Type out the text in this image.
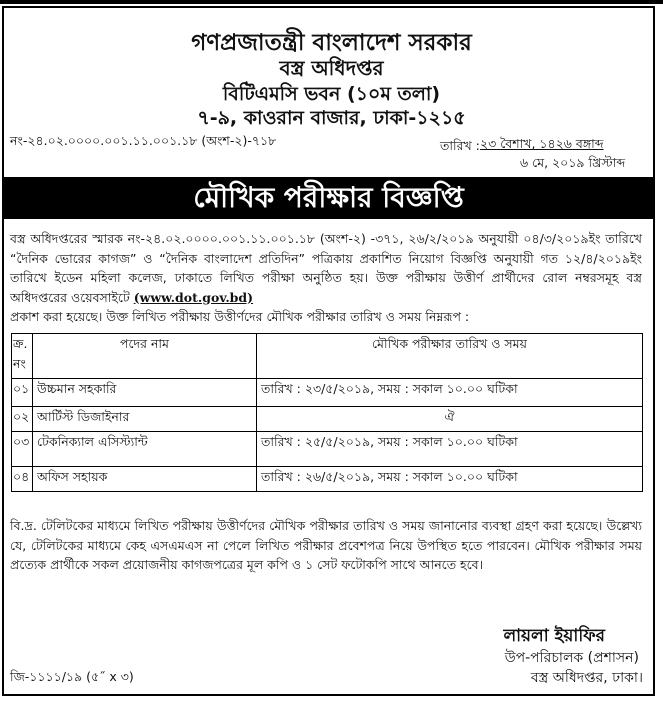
গণপ্রজাতন্ত্রী বাংলাদেশ সরকার
বস্ত্র অধিদপ্তর
বিটিএমসি ভবন (১০ম তলা)
৭-৯, কাওরান বাজার, ঢাকা-১২১৫
নং-২৪.০২.০০০০.০০১.১১.০০১.১৮ (অংশ-২)-৭১৮	তারিখ : ২৩ বৈশাখ, ১৪২৬ বঙ্গাব্দ
৬ মে, ২০১৯ খ্রিস্টাব্দ
মৌখিক পরীক্ষার বিজ্ঞপ্তি
বস্ত্র অধিদপ্তরের স্মারক নং-২৪.০২.০০০০.০০১.১১.০০১.১৮ (অংশ-২) -৩৭১, ২৬/২/২০১৯ অনুযায়ী ০৪/৩/২০১৯ইং তারিখে “দৈনিক ভোরের কাগজ” ও “দৈনিক বাংলাদেশ প্রতিদিন” পত্রিকায় প্রকাশিত নিয়োগ বিজ্ঞপ্তি অনুযায়ী গত ১২/৪/২০১৯ইং তারিখে ইডেন মহিলা কলেজ, ঢাকাতে লিখিত পরীক্ষা অনুষ্ঠিত হয়। উক্ত পরীক্ষায় উত্তীর্ণ প্রার্থীদের রোল নম্বরসমূহ বস্ত্র অধিদপ্তরের ওয়েবসাইটে (www.dot.gov.bd)
প্রকাশ করা হয়েছে। উক্ত লিখিত পরীক্ষায় উত্তীর্ণদের মৌখিক পরীক্ষার তারিখ ও সময় নিম্নরূপ :
ক্র. নং	পদের নাম	মৌখিক পরীক্ষার তারিখ ও সময়
০১	উচ্চমান সহকারি	তারিখ : ২৩/৫/২০১৯, সময় : সকাল ১০.০০ ঘটিকা
০২	আর্টিস্ট ডিজাইনার	ঐ
০৩	টেকনিক্যাল এসিস্ট্যান্ট	তারিখ : ২৫/৫/২০১৯, সময় : সকাল ১০.০০ ঘটিকা
০৪	অফিস সহায়ক	তারিখ : ২৬/৫/২০১৯, সময় : সকাল ১০.০০ ঘটিকা
বি.দ্র. টেলিটকের মাধ্যমে লিখিত পরীক্ষায় উত্তীর্ণদের মৌখিক পরীক্ষার তারিখ ও সময় জানানোর ব্যবস্থা গ্রহণ করা হয়েছে। উল্লেখ্য যে, টেলিটকের মাধ্যমে কেহ এসএমএস না পেলে লিখিত পরীক্ষার প্রবেশপত্র নিয়ে উপস্থিত হতে পারবেন। মৌখিক পরীক্ষার সময় প্রত্যেক প্রার্থীকে সকল প্রয়োজনীয় কাগজপত্রের মূল কপি ও ১ সেট ফটোকপি সাথে আনতে হবে।
লায়লা ইয়াফির
উপ-পরিচালক (প্রশাসন)
বস্ত্র অধিদপ্তর, ঢাকা।
জি-১১১১/১৯ (৫˝ x ৩)
